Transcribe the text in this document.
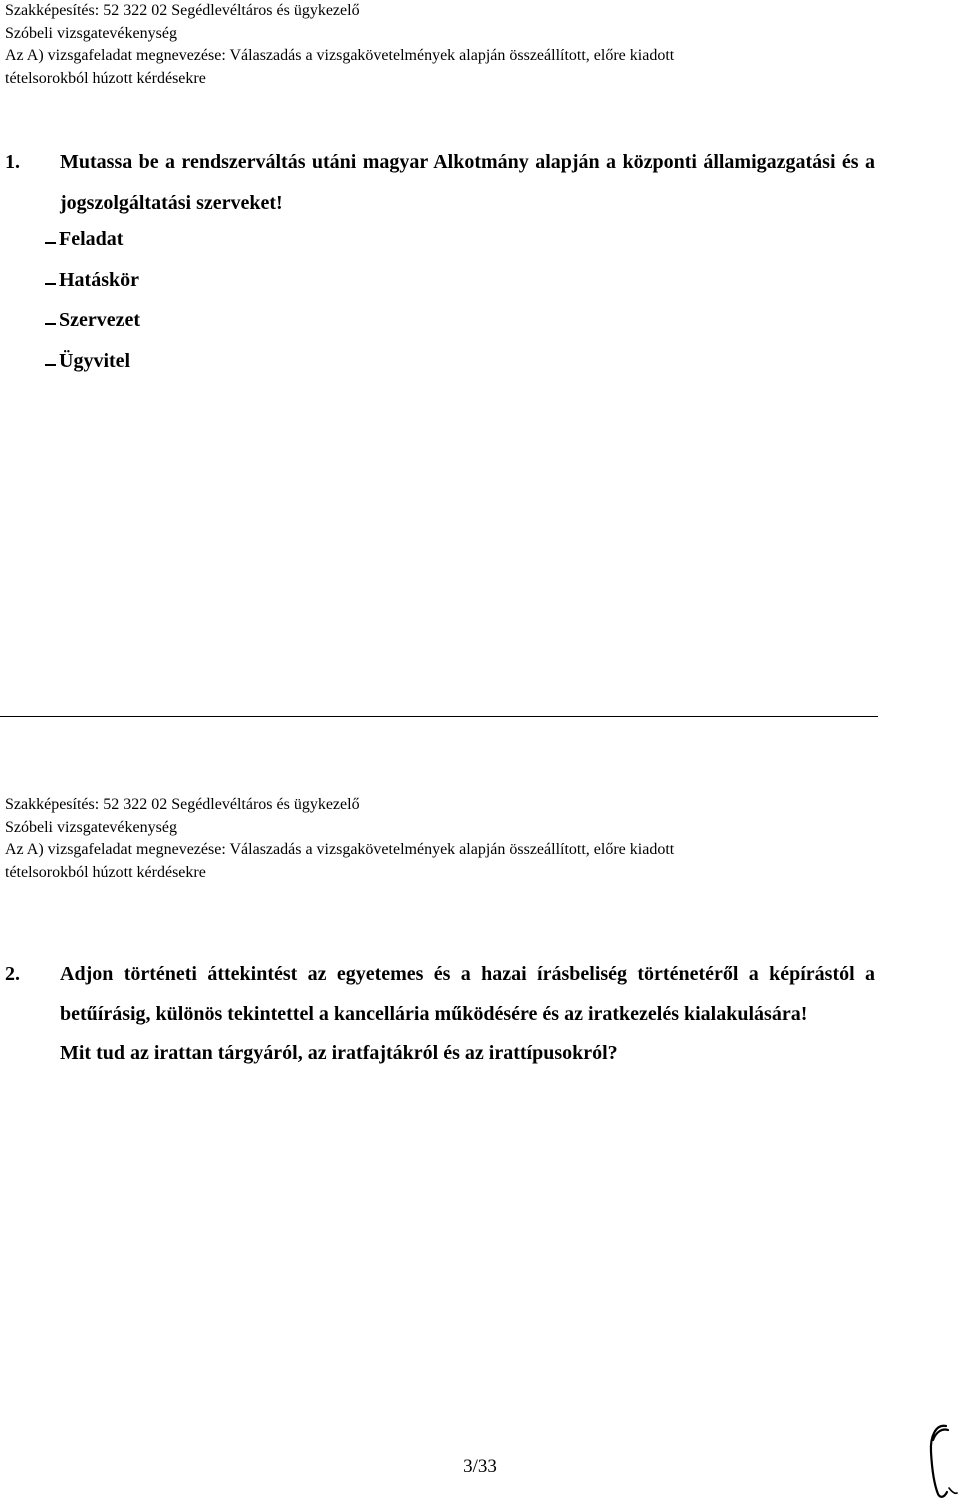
Szakképesítés: 52 322 02 Segédlevéltáros és ügykezelő
Szóbeli vizsgatevékenység
Az A) vizsgafeladat megnevezése: Válaszadás a vizsgakövetelmények alapján összeállított, előre kiadott
tételsorokból húzott kérdésekre
1. Mutassa be a rendszerváltás utáni magyar Alkotmány alapján a központi államigazgatási és a jogszolgáltatási szerveket!
Feladat
Hatáskör
Szervezet
Ügyvitel
Szakképesítés: 52 322 02 Segédlevéltáros és ügykezelő
Szóbeli vizsgatevékenység
Az A) vizsgafeladat megnevezése: Válaszadás a vizsgakövetelmények alapján összeállított, előre kiadott
tételsorokból húzott kérdésekre
2. Adjon történeti áttekintést az egyetemes és a hazai írásbeliség történetéről a képírástól a betűírásig, különös tekintettel a kancellária működésére és az iratkezelés kialakulására!
Mit tud az irattan tárgyáról, az iratfajtákról és az irattípusokról?
3/33
